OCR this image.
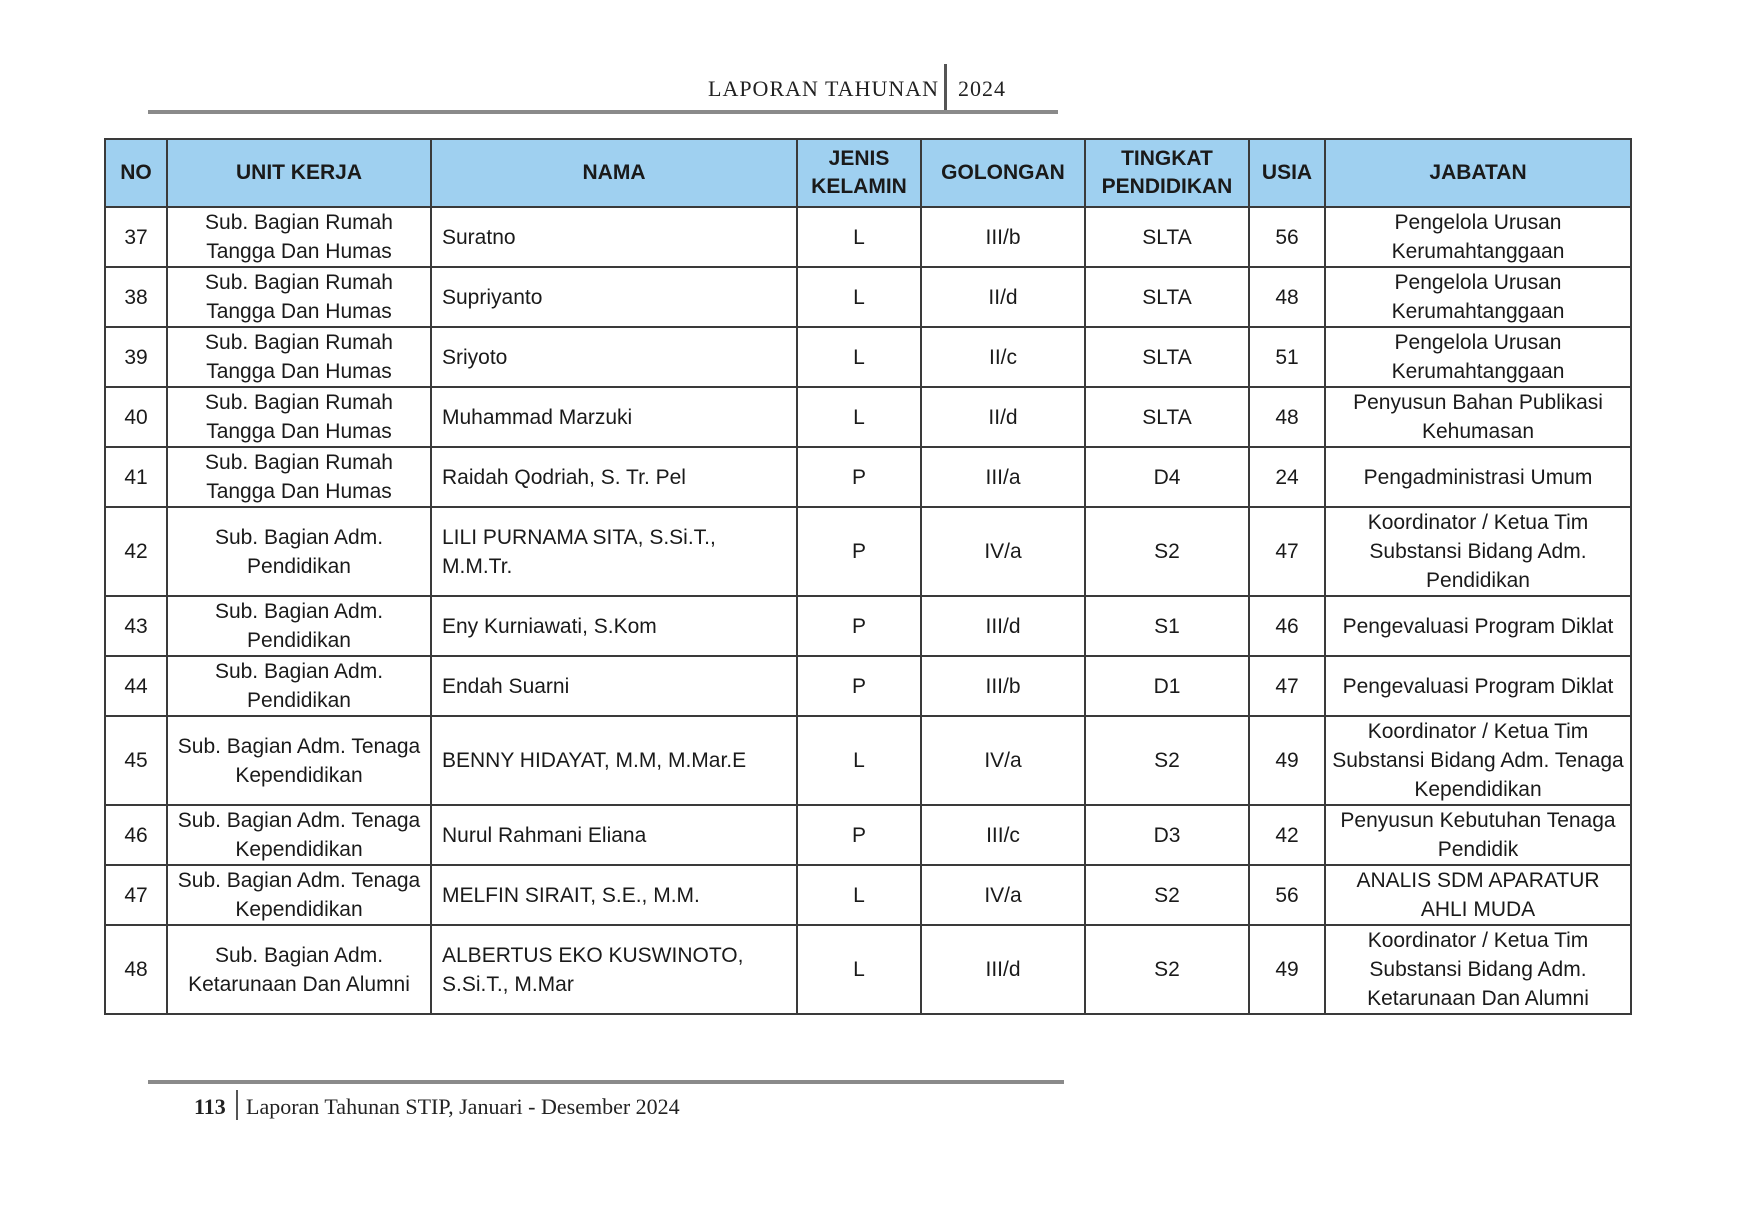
LAPORAN TAHUNAN 2024
NO	UNIT KERJA	NAMA	JENIS KELAMIN	GOLONGAN	TINGKAT PENDIDIKAN	USIA	JABATAN
37	Sub. Bagian Rumah Tangga Dan Humas	Suratno	L	III/b	SLTA	56	Pengelola Urusan Kerumahtanggaan
38	Sub. Bagian Rumah Tangga Dan Humas	Supriyanto	L	II/d	SLTA	48	Pengelola Urusan Kerumahtanggaan
39	Sub. Bagian Rumah Tangga Dan Humas	Sriyoto	L	II/c	SLTA	51	Pengelola Urusan Kerumahtanggaan
40	Sub. Bagian Rumah Tangga Dan Humas	Muhammad Marzuki	L	II/d	SLTA	48	Penyusun Bahan Publikasi Kehumasan
41	Sub. Bagian Rumah Tangga Dan Humas	Raidah Qodriah, S. Tr. Pel	P	III/a	D4	24	Pengadministrasi Umum
42	Sub. Bagian Adm. Pendidikan	LILI PURNAMA SITA, S.Si.T., M.M.Tr.	P	IV/a	S2	47	Koordinator / Ketua Tim Substansi Bidang Adm. Pendidikan
43	Sub. Bagian Adm. Pendidikan	Eny Kurniawati, S.Kom	P	III/d	S1	46	Pengevaluasi Program Diklat
44	Sub. Bagian Adm. Pendidikan	Endah Suarni	P	III/b	D1	47	Pengevaluasi Program Diklat
45	Sub. Bagian Adm. Tenaga Kependidikan	BENNY HIDAYAT, M.M, M.Mar.E	L	IV/a	S2	49	Koordinator / Ketua Tim Substansi Bidang Adm. Tenaga Kependidikan
46	Sub. Bagian Adm. Tenaga Kependidikan	Nurul Rahmani Eliana	P	III/c	D3	42	Penyusun Kebutuhan Tenaga Pendidik
47	Sub. Bagian Adm. Tenaga Kependidikan	MELFIN SIRAIT, S.E., M.M.	L	IV/a	S2	56	ANALIS SDM APARATUR AHLI MUDA
48	Sub. Bagian Adm. Ketarunaan Dan Alumni	ALBERTUS EKO KUSWINOTO, S.Si.T., M.Mar	L	III/d	S2	49	Koordinator / Ketua Tim Substansi Bidang Adm. Ketarunaan Dan Alumni
113 Laporan Tahunan STIP, Januari - Desember 2024
